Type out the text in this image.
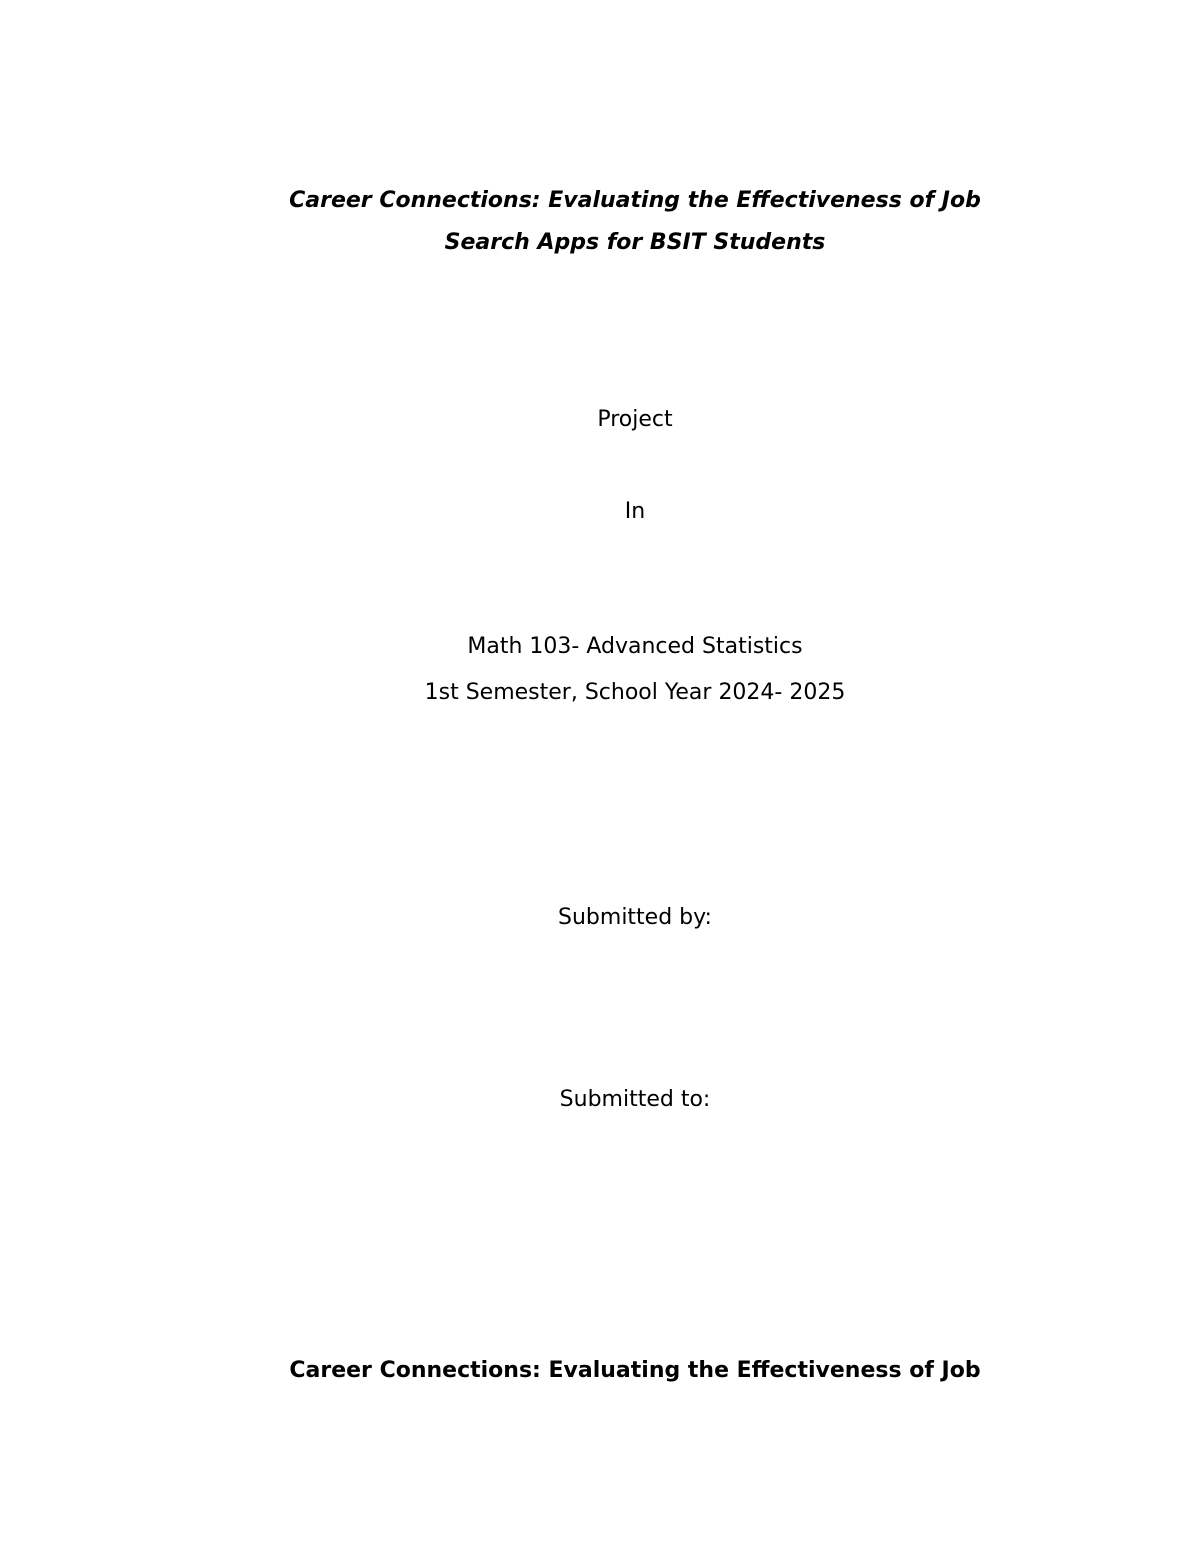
Career Connections: Evaluating the Effectiveness of Job
Search Apps for BSIT Students
Project
In
Math 103- Advanced Statistics
1st Semester, School Year 2024- 2025
Submitted by:
Submitted to:
Career Connections: Evaluating the Effectiveness of Job
